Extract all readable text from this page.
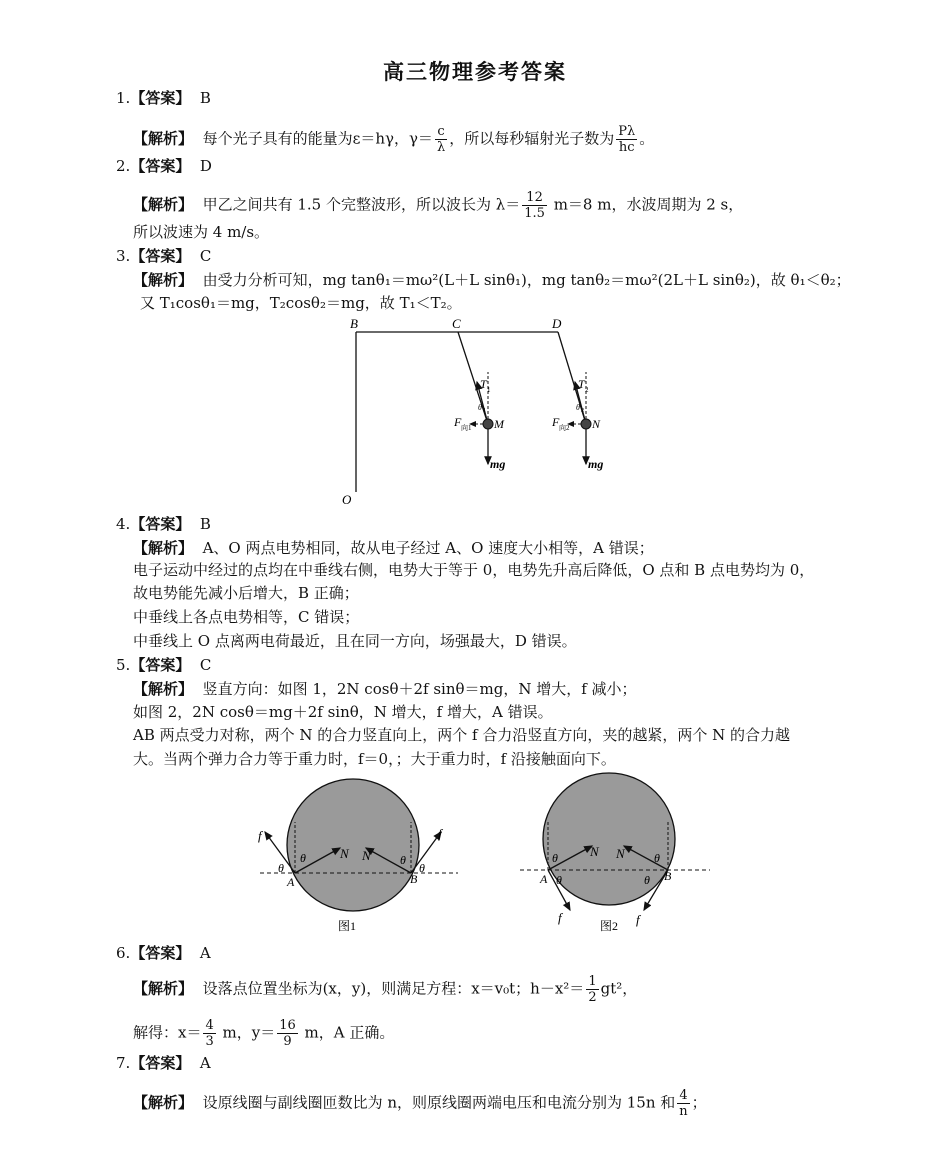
高三物理参考答案
1.【答案】 B
【解析】 每个光子具有的能量为ε＝hγ，$\gamma= \frac{c}{\lambda}$ ，所以每秒辐射光子数为 $\frac{P\lambda}{hc}$ 。
2.【答案】 D
【解析】 甲乙之间共有 1.5 个完整波形，所以波长为 $\lambda= \frac{12}{1.5} m=8$ m，水波周期为 2 s，
所以波速为 4 m/s。
3.【答案】 C
【解析】 由受力分析可知，mg tanθ₁＝mω²(L＋L sinθ₁)，mg tanθ₂＝mω²(2L＋L sinθ₂)，故 θ₁＜θ₂；
又 T₁cosθ₁＝mg，T₂cosθ₂＝mg，故 T₁＜T₂。
B	C	D
O
T 1	T 2
θ 1	θ 2
F 向1	F 向2
M	N
mg	mg
4.【答案】 B
【解析】 A、O 两点电势相同，故从电子经过 A、O 速度大小相等，A 错误；
电子运动中经过的点均在中垂线右侧，电势大于等于 0，电势先升高后降低，O 点和 B 点电势均为 0，
故电势能先减小后增大，B 正确；
中垂线上各点电势相等，C 错误；
中垂线上 O 点离两电荷最近，且在同一方向，场强最大，D 错误。
5.【答案】 C
【解析】 竖直方向：如图 1，2N cosθ＋2f sinθ＝mg，N 增大，f 减小；
如图 2，2N cosθ＝mg＋2f sinθ，N 增大，f 增大，A 错误。
AB 两点受力对称，两个 N 的合力竖直向上，两个 f 合力沿竖直方向，夹的越紧，两个 N 的合力越
大。当两个弹力合力等于重力时，f＝0，；大于重力时，f 沿接触面向下。
f	f
N N
θ	θ
θ	θ
A	B
图1
N N
θ	θ
θ	θ
A	B
f	f
图2
6.【答案】 A
【解析】 设落点位置坐标为(x，y)，则满足方程：x＝v₀t；$h-x^2= \frac{1}{2} gt^2$，
解得：$x= \frac{4}{3}$ m，$y= \frac{16}{9}$ m，A 正确。
7.【答案】 A
【解析】 设原线圈与副线圈匝数比为 n，则原线圈两端电压和电流分别为 15n 和 $\frac{4}{n}$ ；
